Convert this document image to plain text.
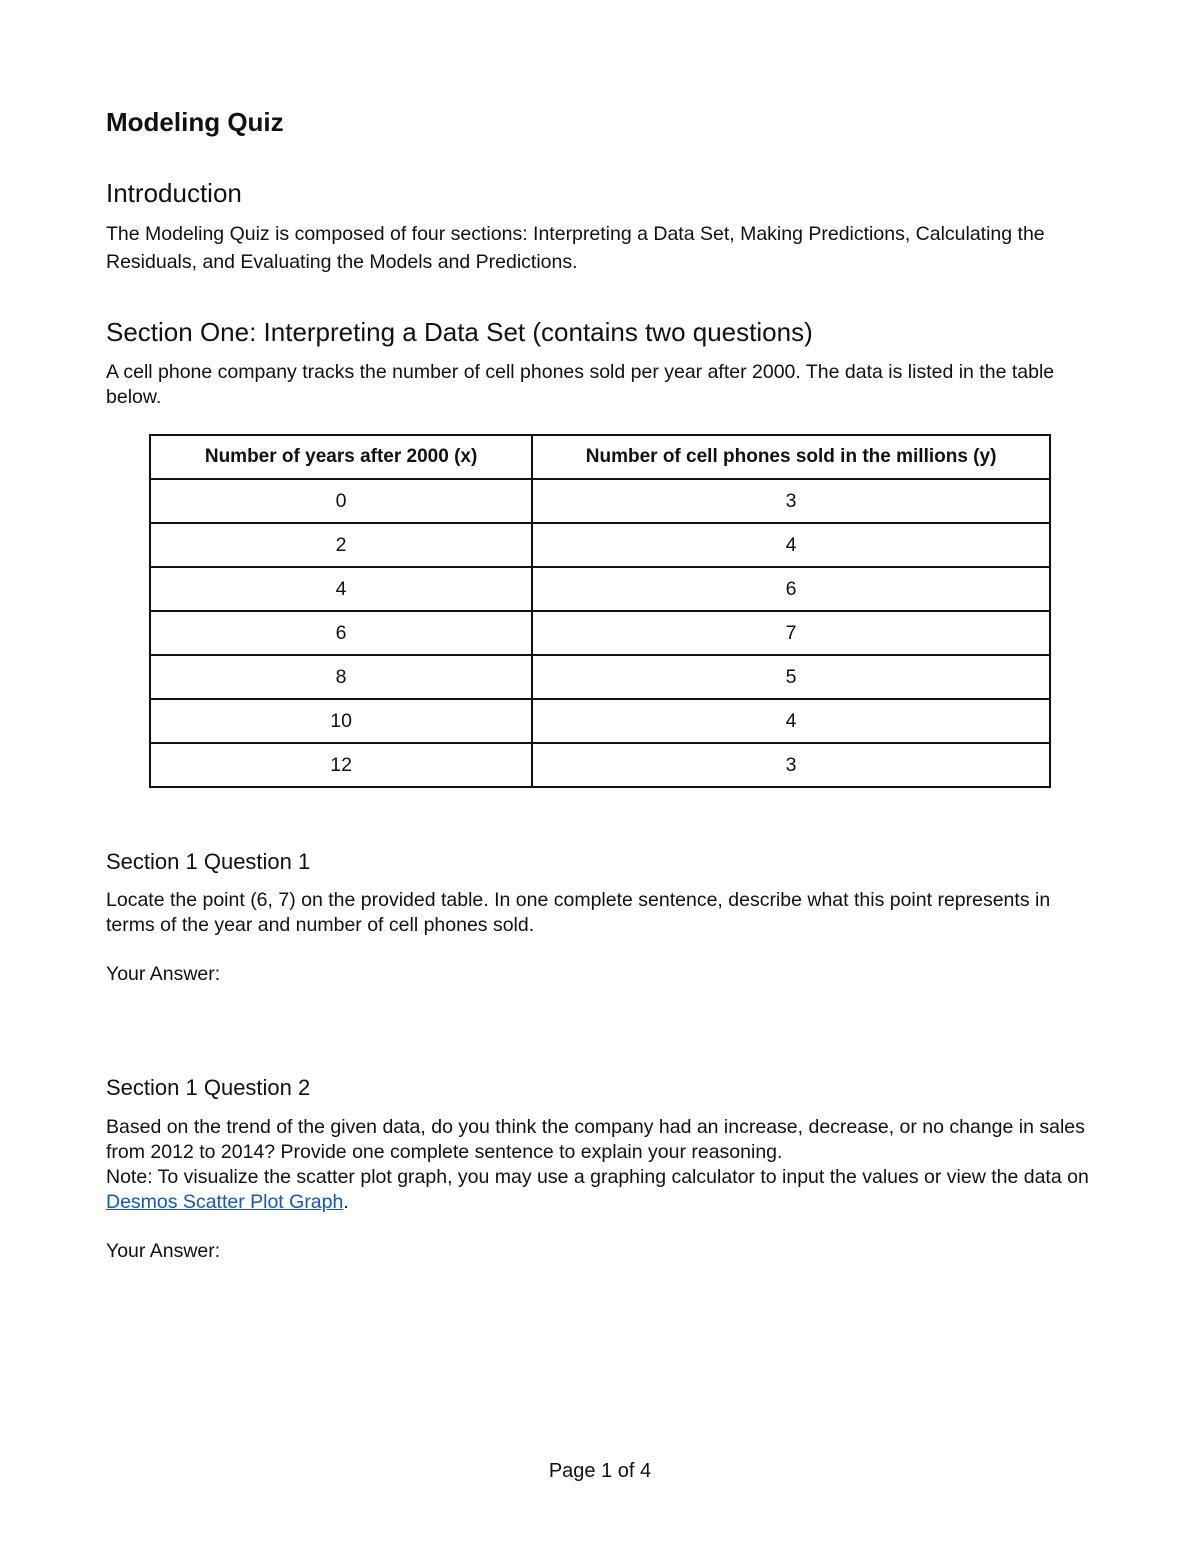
Modeling Quiz
Introduction

The Modeling Quiz is composed of four sections: Interpreting a Data Set, Making Predictions, Calculating the Residuals, and Evaluating the Models and Predictions.

Section One: Interpreting a Data Set (contains two questions)

A cell phone company tracks the number of cell phones sold per year after 2000. The data is listed in the table below.

Section 1 Question 1

Locate the point (6, 7) on the provided table. In one complete sentence, describe what this point represents in terms of the year and number of cell phones sold.

Your Answer:

Section 1 Question 2
Based on the trend of the given data, do you think the company had an increase, decrease, or no change in sales from 2012 to 2014? Provide one complete sentence to explain your reasoning.
Note: To visualize the scatter plot graph, you may use a graphing calculator to input the values or view the data on Desmos Scatter Plot Graph.

Your Answer:

Number of years after 2000 (x)	Number of cell phones sold in the millions (y)
0	3
2	4
4	6
6	7
8	5
10	4
12	3
Page 1 of 4
